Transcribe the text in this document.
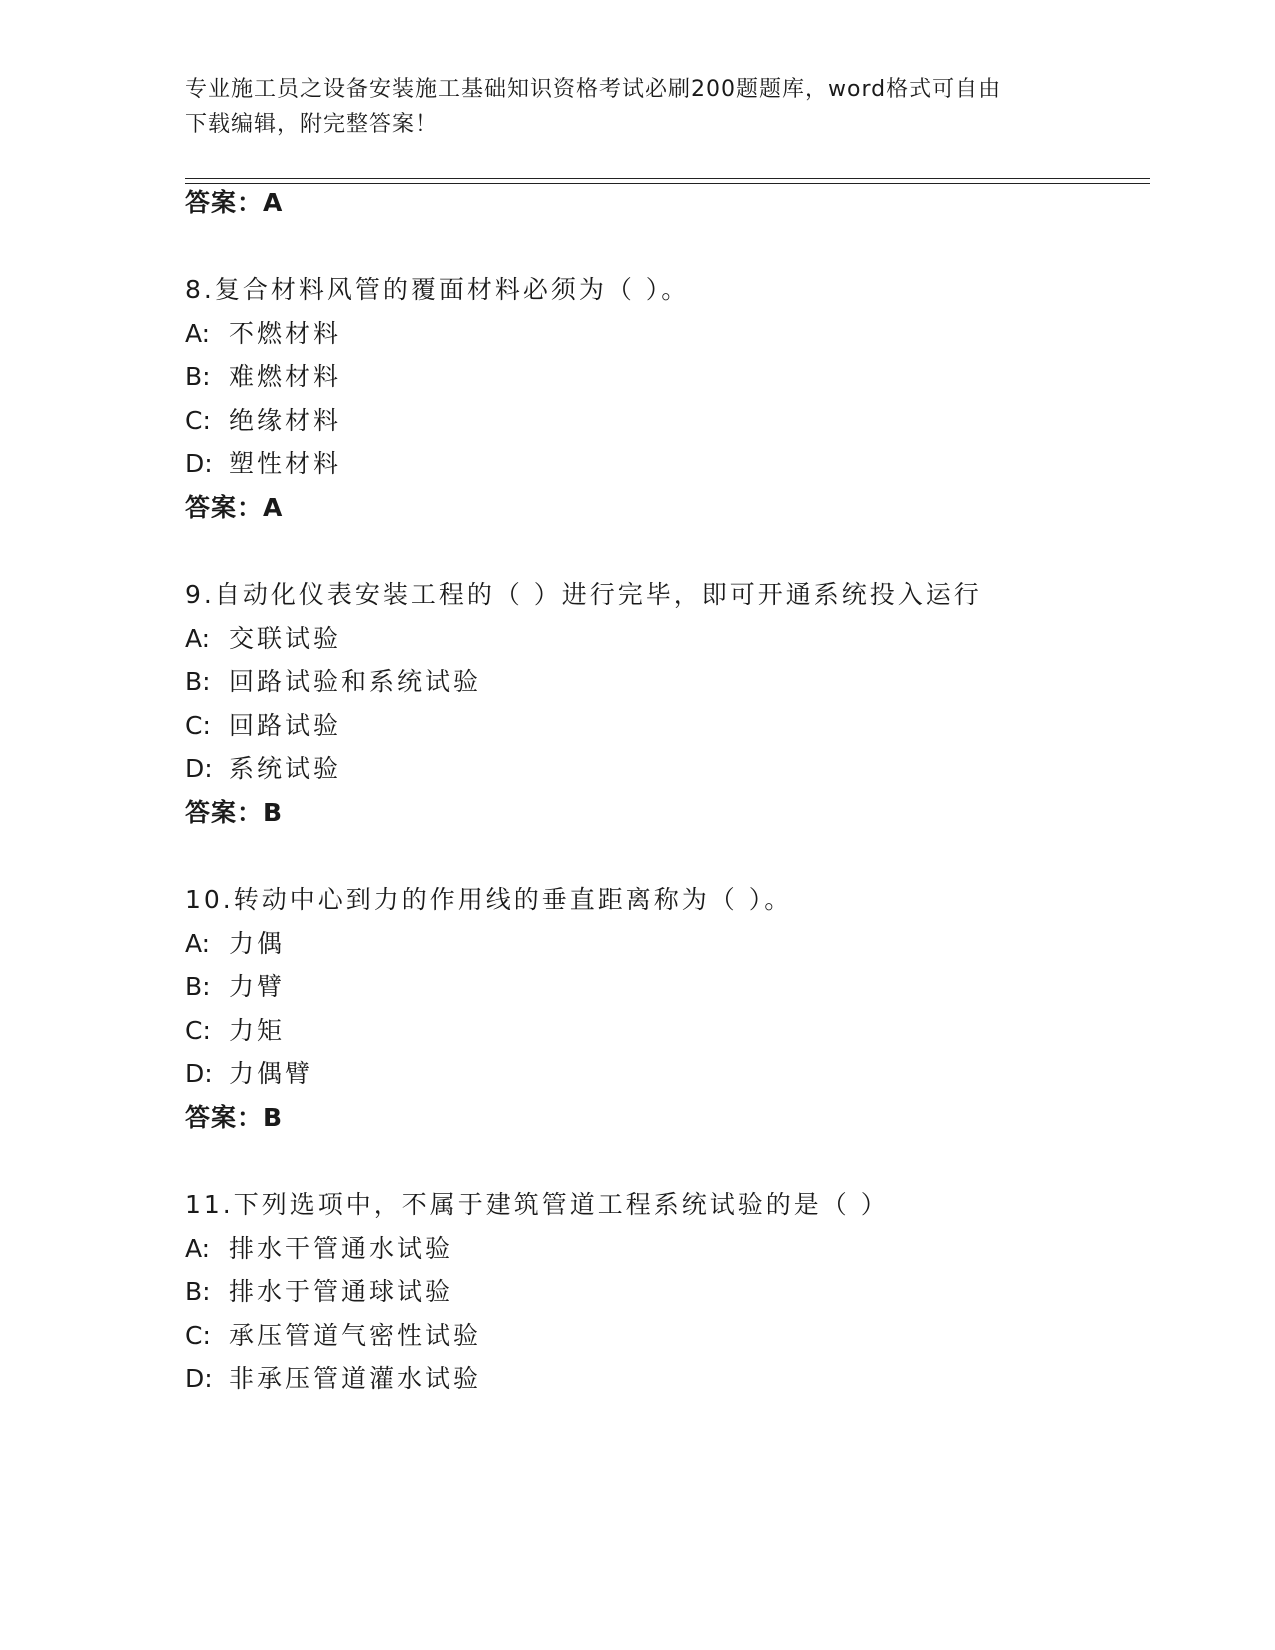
专业施工员之设备安装施工基础知识资格考试必刷200题题库，word格式可自由
下载编辑，附完整答案！
答案：A
8.复合材料风管的覆面材料必须为（ ）。
A: 不燃材料
B: 难燃材料
C: 绝缘材料
D: 塑性材料
答案：A
9.自动化仪表安装工程的（ ）进行完毕，即可开通系统投入运行
A: 交联试验
B: 回路试验和系统试验
C: 回路试验
D: 系统试验
答案：B
10.转动中心到力的作用线的垂直距离称为（ ）。
A: 力偶
B: 力臂
C: 力矩
D: 力偶臂
答案：B
11.下列选项中，不属于建筑管道工程系统试验的是（ ）
A: 排水干管通水试验
B: 排水于管通球试验
C: 承压管道气密性试验
D: 非承压管道灌水试验
